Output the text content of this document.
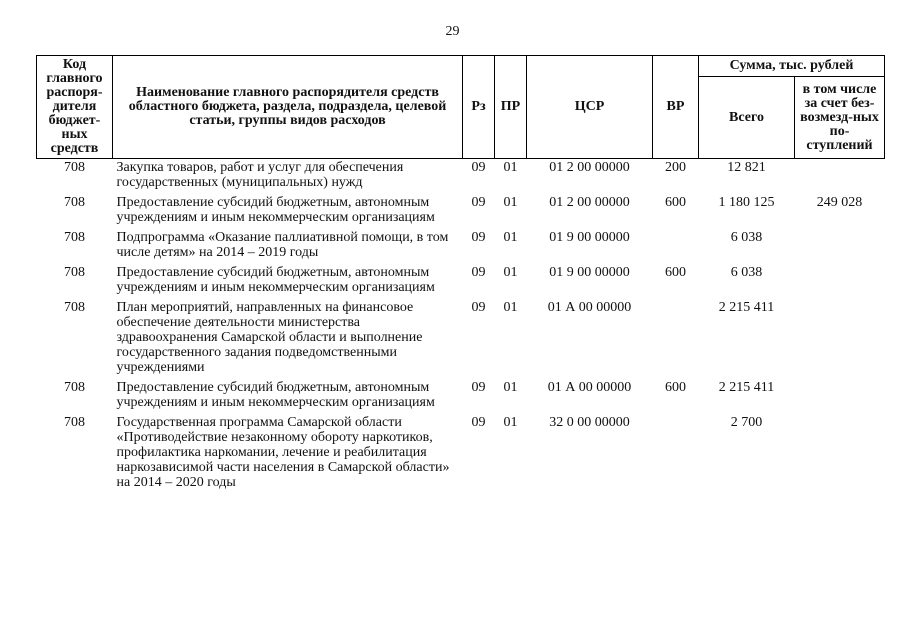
29
Код главного распоря-дителя бюджет-ных средств	Наименование главного распорядителя средств областного бюджета, раздела, подраздела, целевой статьи, группы видов расходов	Рз	ПР	ЦСР	ВР	Сумма, тыс. рублей	
						Всего	в том числе за счет без-возмезд-ных по-ступлений
708	Закупка товаров, работ и услуг для обеспечения государственных (муниципальных) нужд	09	01	01 2 00 00000	200	12 821	
708	Предоставление субсидий бюджетным, автономным учреждениям и иным некоммерческим организациям	09	01	01 2 00 00000	600	1 180 125	249 028
708	Подпрограмма «Оказание паллиативной помощи, в том числе детям» на 2014 – 2019 годы	09	01	01 9 00 00000		6 038	
708	Предоставление субсидий бюджетным, автономным учреждениям и иным некоммерческим организациям	09	01	01 9 00 00000	600	6 038	
708	План мероприятий, направленных на финансовое обеспечение деятельности министерства здравоохранения Самарской области и выполнение государственного задания подведомственными учреждениями	09	01	01 А 00 00000		2 215 411	
708	Предоставление субсидий бюджетным, автономным учреждениям и иным некоммерческим организациям	09	01	01 А 00 00000	600	2 215 411	
708	Государственная программа Самарской области «Противодействие незаконному обороту наркотиков, профилактика наркомании, лечение и реабилитация наркозависимой части населения в Самарской области» на 2014 – 2020 годы	09	01	32 0 00 00000		2 700	
